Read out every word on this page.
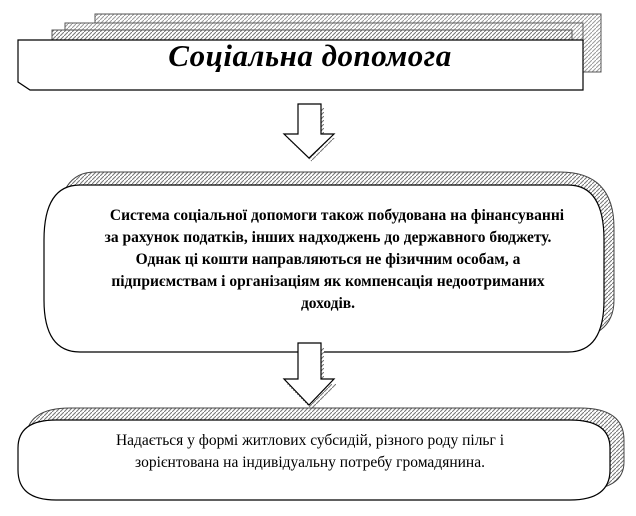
Соціальна допомога
Система соціальної допомоги також побудована на фінансуванні
за рахунок податків, інших надходжень до державного бюджету.
Однак ці кошти направляються не фізичним особам, а
підприємствам і організаціям як компенсація недоотриманих
доходів.
Надається у формі житлових субсидій, різного роду пільг і
зорієнтована на індивідуальну потребу громадянина.
